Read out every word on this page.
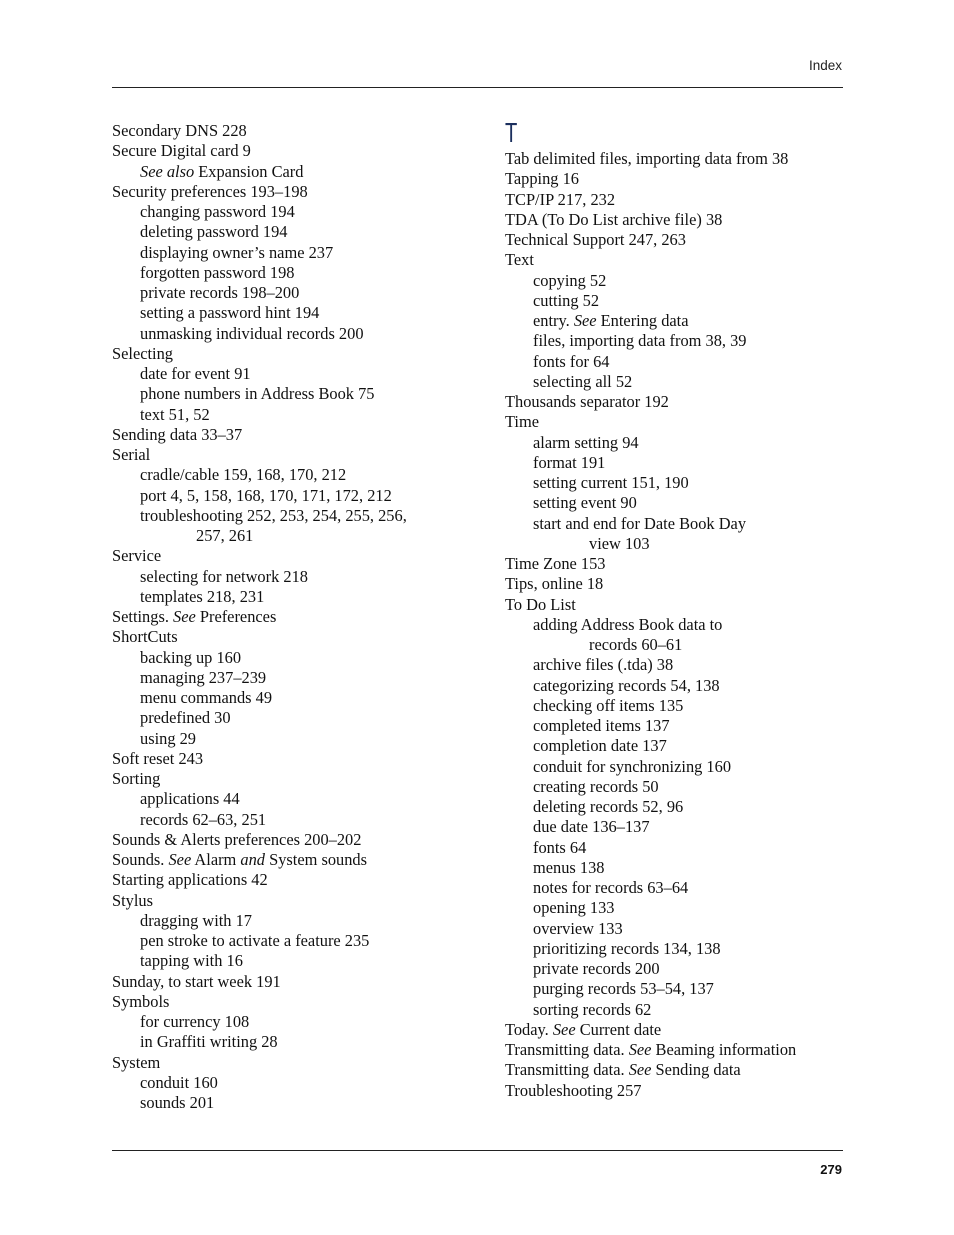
Index
Secondary DNS 228
Secure Digital card 9
See also Expansion Card
Security preferences 193–198
changing password 194
deleting password 194
displaying owner’s name 237
forgotten password 198
private records 198–200
setting a password hint 194
unmasking individual records 200
Selecting
date for event 91
phone numbers in Address Book 75
text 51, 52
Sending data 33–37
Serial
cradle/cable 159, 168, 170, 212
port 4, 5, 158, 168, 170, 171, 172, 212
troubleshooting 252, 253, 254, 255, 256,
257, 261
Service
selecting for network 218
templates 218, 231
Settings. See Preferences
ShortCuts
backing up 160
managing 237–239
menu commands 49
predefined 30
using 29
Soft reset 243
Sorting
applications 44
records 62–63, 251
Sounds & Alerts preferences 200–202
Sounds. See Alarm and System sounds
Starting applications 42
Stylus
dragging with 17
pen stroke to activate a feature 235
tapping with 16
Sunday, to start week 191
Symbols
for currency 108
in Graffiti writing 28
System
conduit 160
sounds 201
T
Tab delimited files, importing data from 38
Tapping 16
TCP/IP 217, 232
TDA (To Do List archive file) 38
Technical Support 247, 263
Text
copying 52
cutting 52
entry. See Entering data
files, importing data from 38, 39
fonts for 64
selecting all 52
Thousands separator 192
Time
alarm setting 94
format 191
setting current 151, 190
setting event 90
start and end for Date Book Day
view 103
Time Zone 153
Tips, online 18
To Do List
adding Address Book data to
records 60–61
archive files (.tda) 38
categorizing records 54, 138
checking off items 135
completed items 137
completion date 137
conduit for synchronizing 160
creating records 50
deleting records 52, 96
due date 136–137
fonts 64
menus 138
notes for records 63–64
opening 133
overview 133
prioritizing records 134, 138
private records 200
purging records 53–54, 137
sorting records 62
Today. See Current date
Transmitting data. See Beaming information
Transmitting data. See Sending data
Troubleshooting 257
279
